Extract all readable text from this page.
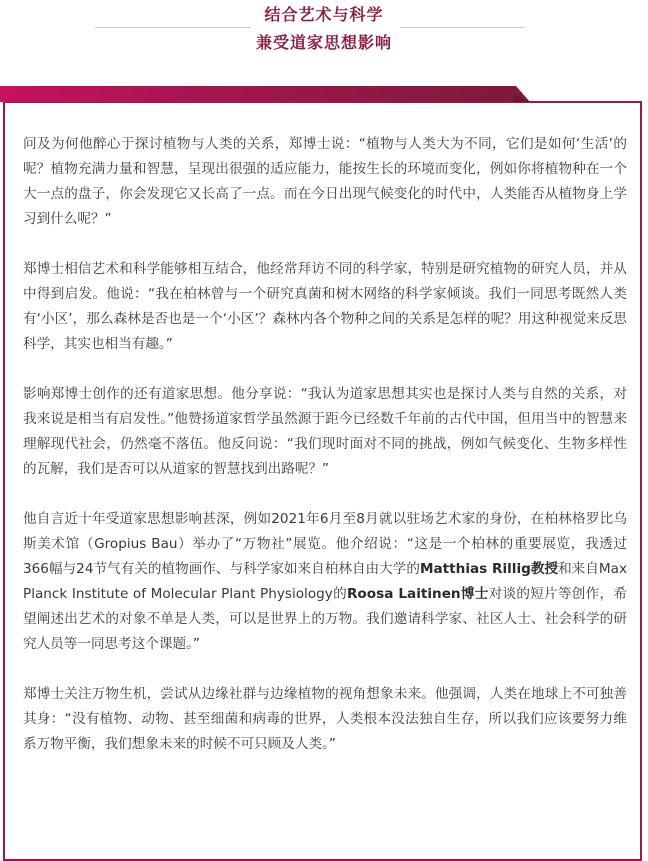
结合艺术与科学
兼受道家思想影响

问及为何他醉心于探讨植物与人类的关系，郑博士说：“植物与人类大为不同，它们是如何‘生活’的呢？植物充满力量和智慧，呈现出很强的适应能力，能按生长的环境而变化，例如你将植物种在一个大一点的盘子，你会发现它又长高了一点。而在今日出现气候变化的时代中，人类能否从植物身上学习到什么呢？”

郑博士相信艺术和科学能够相互结合，他经常拜访不同的科学家，特别是研究植物的研究人员，并从中得到启发。他说：“我在柏林曾与一个研究真菌和树木网络的科学家倾谈。我们一同思考既然人类有‘小区’，那么森林是否也是一个‘小区’？森林内各个物种之间的关系是怎样的呢？用这种视觉来反思科学，其实也相当有趣。”

影响郑博士创作的还有道家思想。他分享说：“我认为道家思想其实也是探讨人类与自然的关系，对我来说是相当有启发性。”他赞扬道家哲学虽然源于距今已经数千年前的古代中国，但用当中的智慧来理解现代社会，仍然毫不落伍。他反问说：“我们现时面对不同的挑战，例如气候变化、生物多样性的瓦解，我们是否可以从道家的智慧找到出路呢？”

他自言近十年受道家思想影响甚深，例如2021年6月至8月就以驻场艺术家的身份，在柏林格罗比乌斯美术馆（Gropius Bau）举办了“万物社”展览。他介绍说：“这是一个柏林的重要展览，我透过366幅与24节气有关的植物画作、与科学家如来自柏林自由大学的Matthias Rillig教授和来自Max Planck Institute of Molecular Plant Physiology的Roosa Laitinen博士对谈的短片等创作，希望阐述出艺术的对象不单是人类，可以是世界上的万物。我们邀请科学家、社区人士、社会科学的研究人员等一同思考这个课题。”

郑博士关注万物生机，尝试从边缘社群与边缘植物的视角想象未来。他强调，人类在地球上不可独善其身：“没有植物、动物、甚至细菌和病毒的世界，人类根本没法独自生存，所以我们应该要努力维系万物平衡，我们想象未来的时候不可只顾及人类。”
